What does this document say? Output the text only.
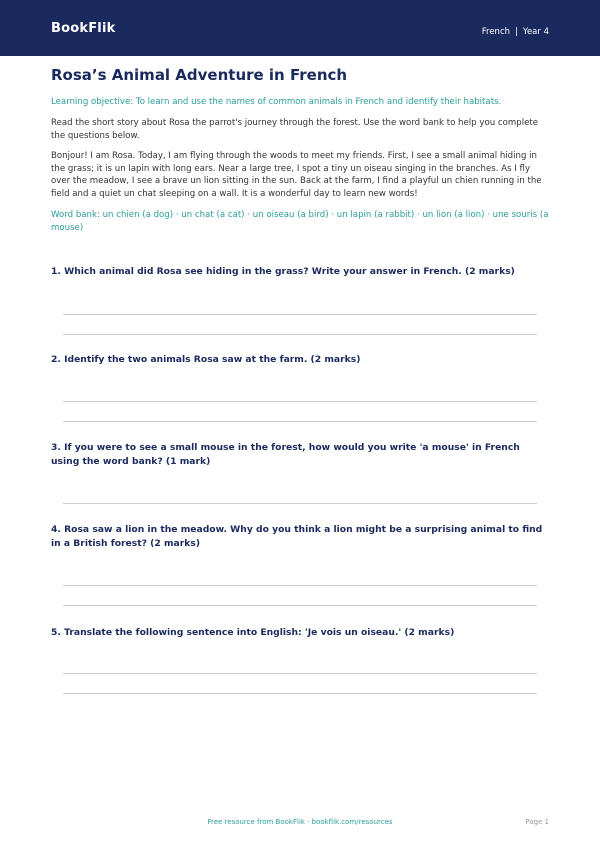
BookFlik	French | Year 4
Rosa’s Animal Adventure in French

Learning objective: To learn and use the names of common animals in French and identify their habitats.

Read the short story about Rosa the parrot's journey through the forest. Use the word bank to help you complete the questions below.

Bonjour! I am Rosa. Today, I am flying through the woods to meet my friends. First, I see a small animal hiding in the grass; it is un lapin with long ears. Near a large tree, I spot a tiny un oiseau singing in the branches. As I fly over the meadow, I see a brave un lion sitting in the sun. Back at the farm, I find a playful un chien running in the field and a quiet un chat sleeping on a wall. It is a wonderful day to learn new words!

Word bank: un chien (a dog) · un chat (a cat) · un oiseau (a bird) · un lapin (a rabbit) · un lion (a lion) · une souris (a mouse)

1. Which animal did Rosa see hiding in the grass? Write your answer in French. (2 marks)

2. Identify the two animals Rosa saw at the farm. (2 marks)

3. If you were to see a small mouse in the forest, how would you write 'a mouse' in French using the word bank? (1 mark)

4. Rosa saw a lion in the meadow. Why do you think a lion might be a surprising animal to find in a British forest? (2 marks)

5. Translate the following sentence into English: 'Je vois un oiseau.' (2 marks)

Free resource from BookFlik · bookflik.com/resources	Page 1
